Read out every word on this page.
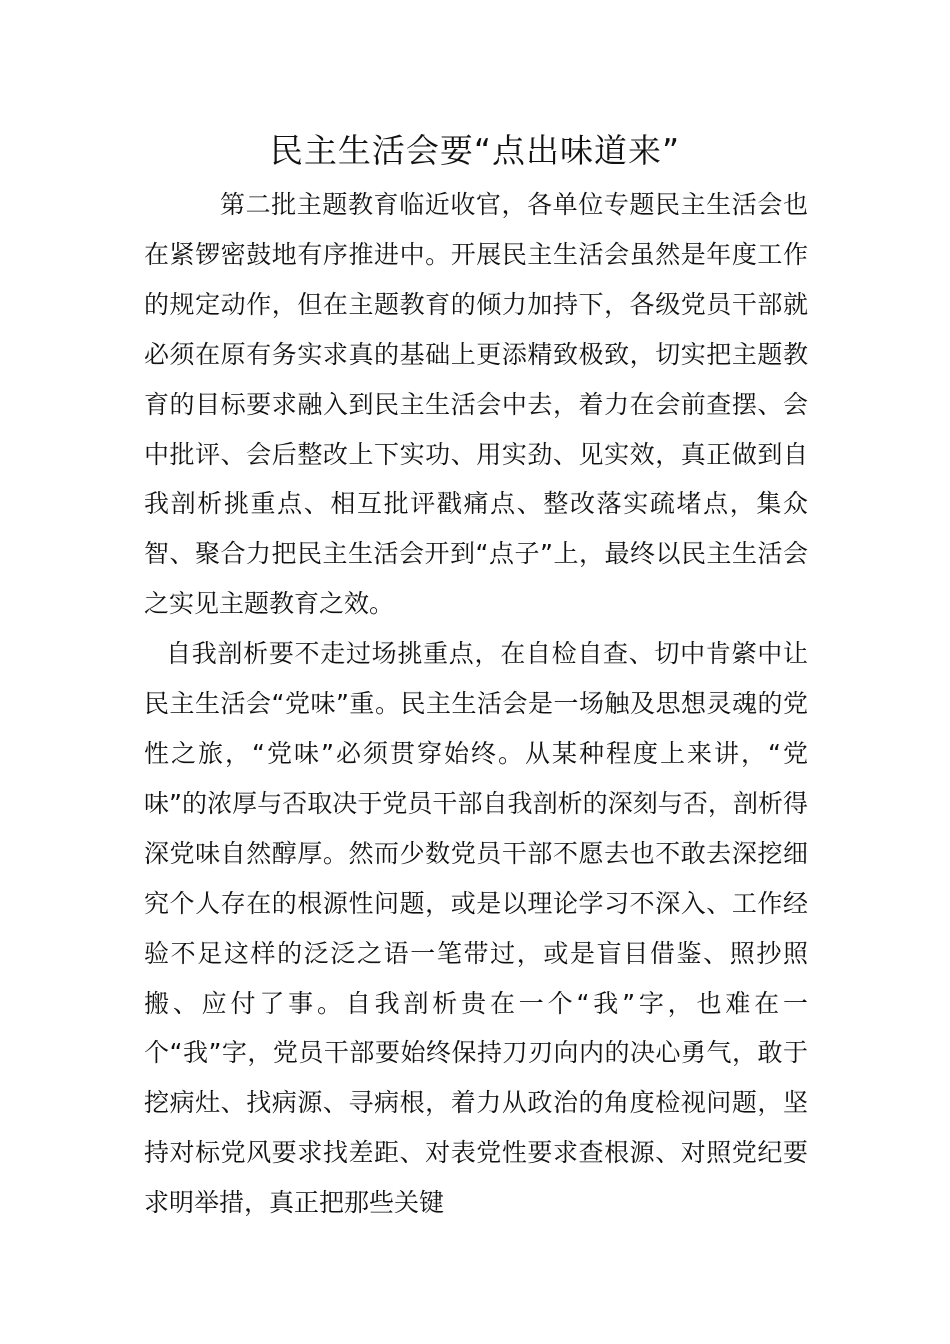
民主生活会要“点出味道来”

第二批主题教育临近收官，各单位专题民主生活会也在紧锣密鼓地有序推进中。开展民主生活会虽然是年度工作的规定动作，但在主题教育的倾力加持下，各级党员干部就必须在原有务实求真的基础上更添精致极致，切实把主题教育的目标要求融入到民主生活会中去，着力在会前查摆、会中批评、会后整改上下实功、用实劲、见实效，真正做到自我剖析挑重点、相互批评戳痛点、整改落实疏堵点，集众智、聚合力把民主生活会开到“点子”上，最终以民主生活会之实见主题教育之效。

自我剖析要不走过场挑重点，在自检自查、切中肯綮中让民主生活会“党味”重。民主生活会是一场触及思想灵魂的党性之旅，“党味”必须贯穿始终。从某种程度上来讲，“党味”的浓厚与否取决于党员干部自我剖析的深刻与否，剖析得深党味自然醇厚。然而少数党员干部不愿去也不敢去深挖细究个人存在的根源性问题，或是以理论学习不深入、工作经验不足这样的泛泛之语一笔带过，或是盲目借鉴、照抄照搬、应付了事。自我剖析贵在一个“我”字，也难在一个“我”字，党员干部要始终保持刀刃向内的决心勇气，敢于挖病灶、找病源、寻病根，着力从政治的角度检视问题，坚持对标党风要求找差距、对表党性要求查根源、对照党纪要求明举措，真正把那些关键
